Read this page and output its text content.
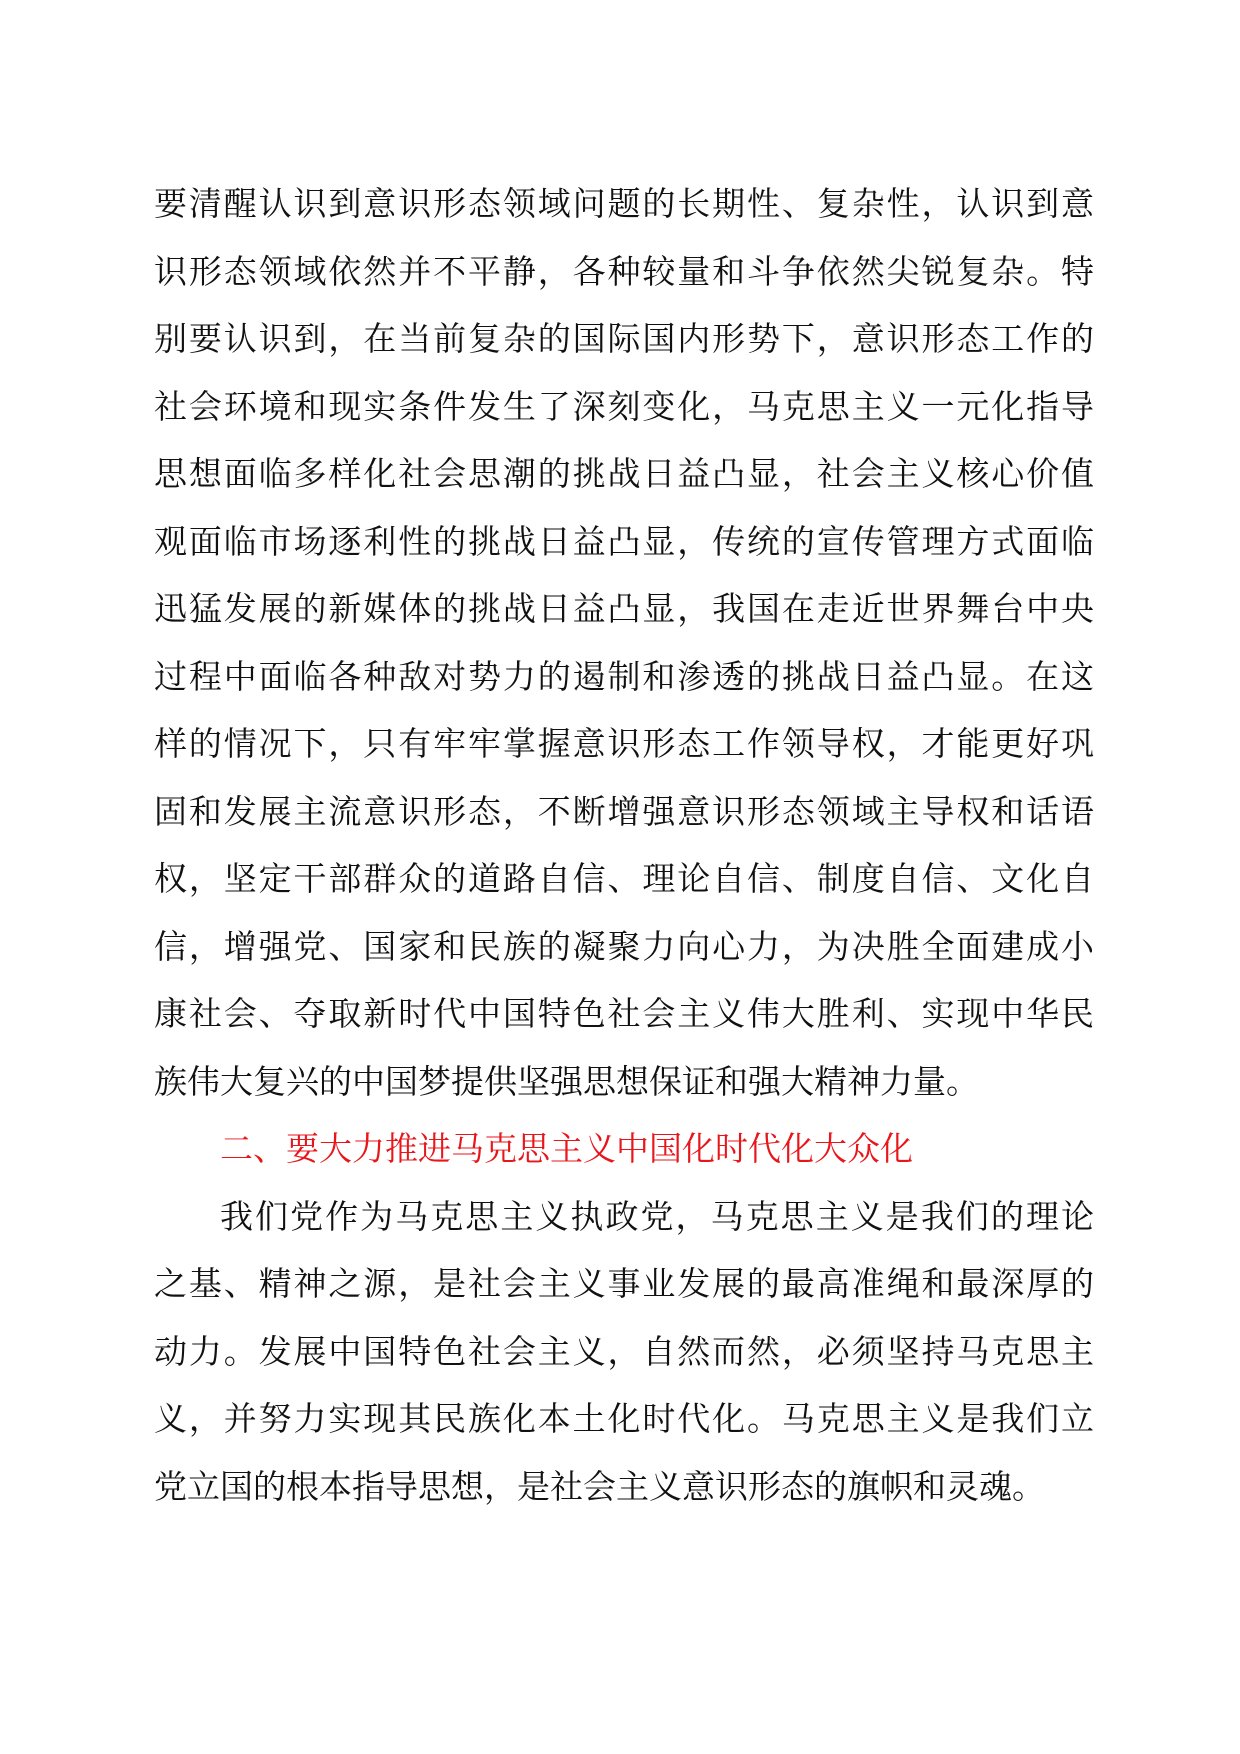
要清醒认识到意识形态领域问题的长期性、复杂性，认识到意
识形态领域依然并不平静，各种较量和斗争依然尖锐复杂。特
别要认识到，在当前复杂的国际国内形势下，意识形态工作的
社会环境和现实条件发生了深刻变化，马克思主义一元化指导
思想面临多样化社会思潮的挑战日益凸显，社会主义核心价值
观面临市场逐利性的挑战日益凸显，传统的宣传管理方式面临
迅猛发展的新媒体的挑战日益凸显，我国在走近世界舞台中央
过程中面临各种敌对势力的遏制和渗透的挑战日益凸显。在这
样的情况下，只有牢牢掌握意识形态工作领导权，才能更好巩
固和发展主流意识形态，不断增强意识形态领域主导权和话语
权，坚定干部群众的道路自信、理论自信、制度自信、文化自
信，增强党、国家和民族的凝聚力向心力，为决胜全面建成小
康社会、夺取新时代中国特色社会主义伟大胜利、实现中华民
族伟大复兴的中国梦提供坚强思想保证和强大精神力量。
二、要大力推进马克思主义中国化时代化大众化
我们党作为马克思主义执政党，马克思主义是我们的理论
之基、精神之源，是社会主义事业发展的最高准绳和最深厚的
动力。发展中国特色社会主义，自然而然，必须坚持马克思主
义，并努力实现其民族化本土化时代化。马克思主义是我们立
党立国的根本指导思想，是社会主义意识形态的旗帜和灵魂。
